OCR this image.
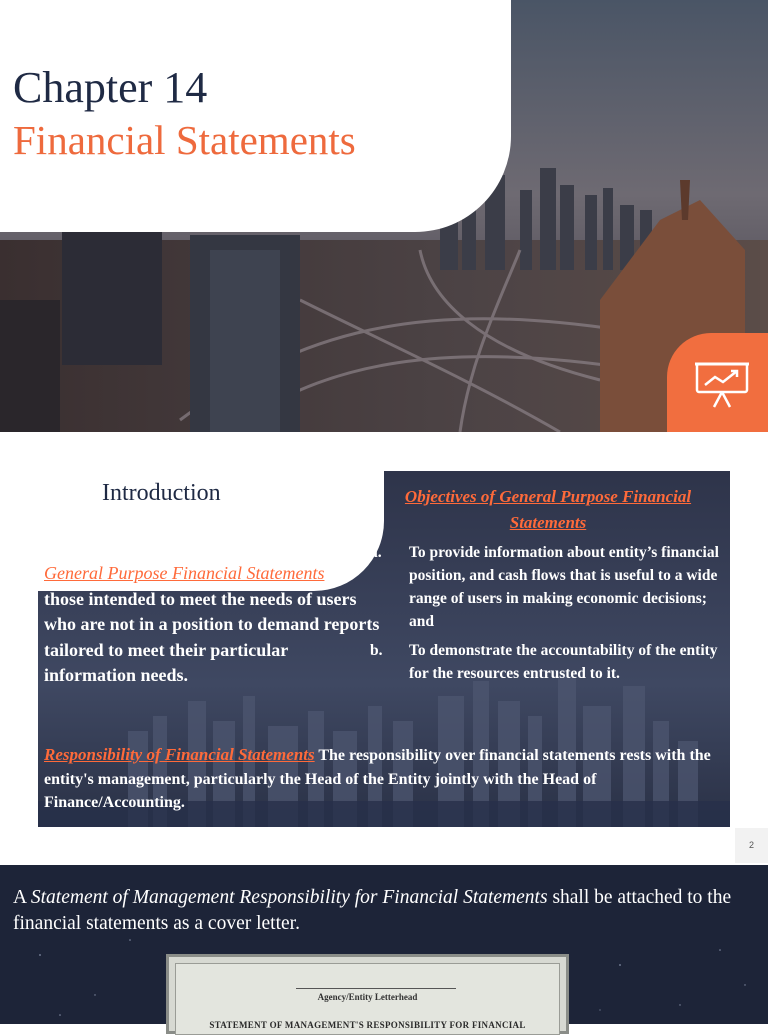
Chapter 14
Financial Statements
Introduction	Objectives of General Purpose Financial Statements
a. To provide information about entity’s financial position, and cash flows that is useful to a wide range of users in making economic decisions; and
b. To demonstrate the accountability of the entity for the resources entrusted to it.

General Purpose Financial Statements are those intended to meet the needs of users who are not in a position to demand reports tailored to meet their particular information needs.

Responsibility of Financial Statements The responsibility over financial statements rests with the entity's management, particularly the Head of the Entity jointly with the Head of Finance/Accounting.

2

A Statement of Management Responsibility for Financial Statements shall be attached to the financial statements as a cover letter.

Agency/Entity Letterhead
STATEMENT OF MANAGEMENT'S RESPONSIBILITY FOR FINANCIAL
